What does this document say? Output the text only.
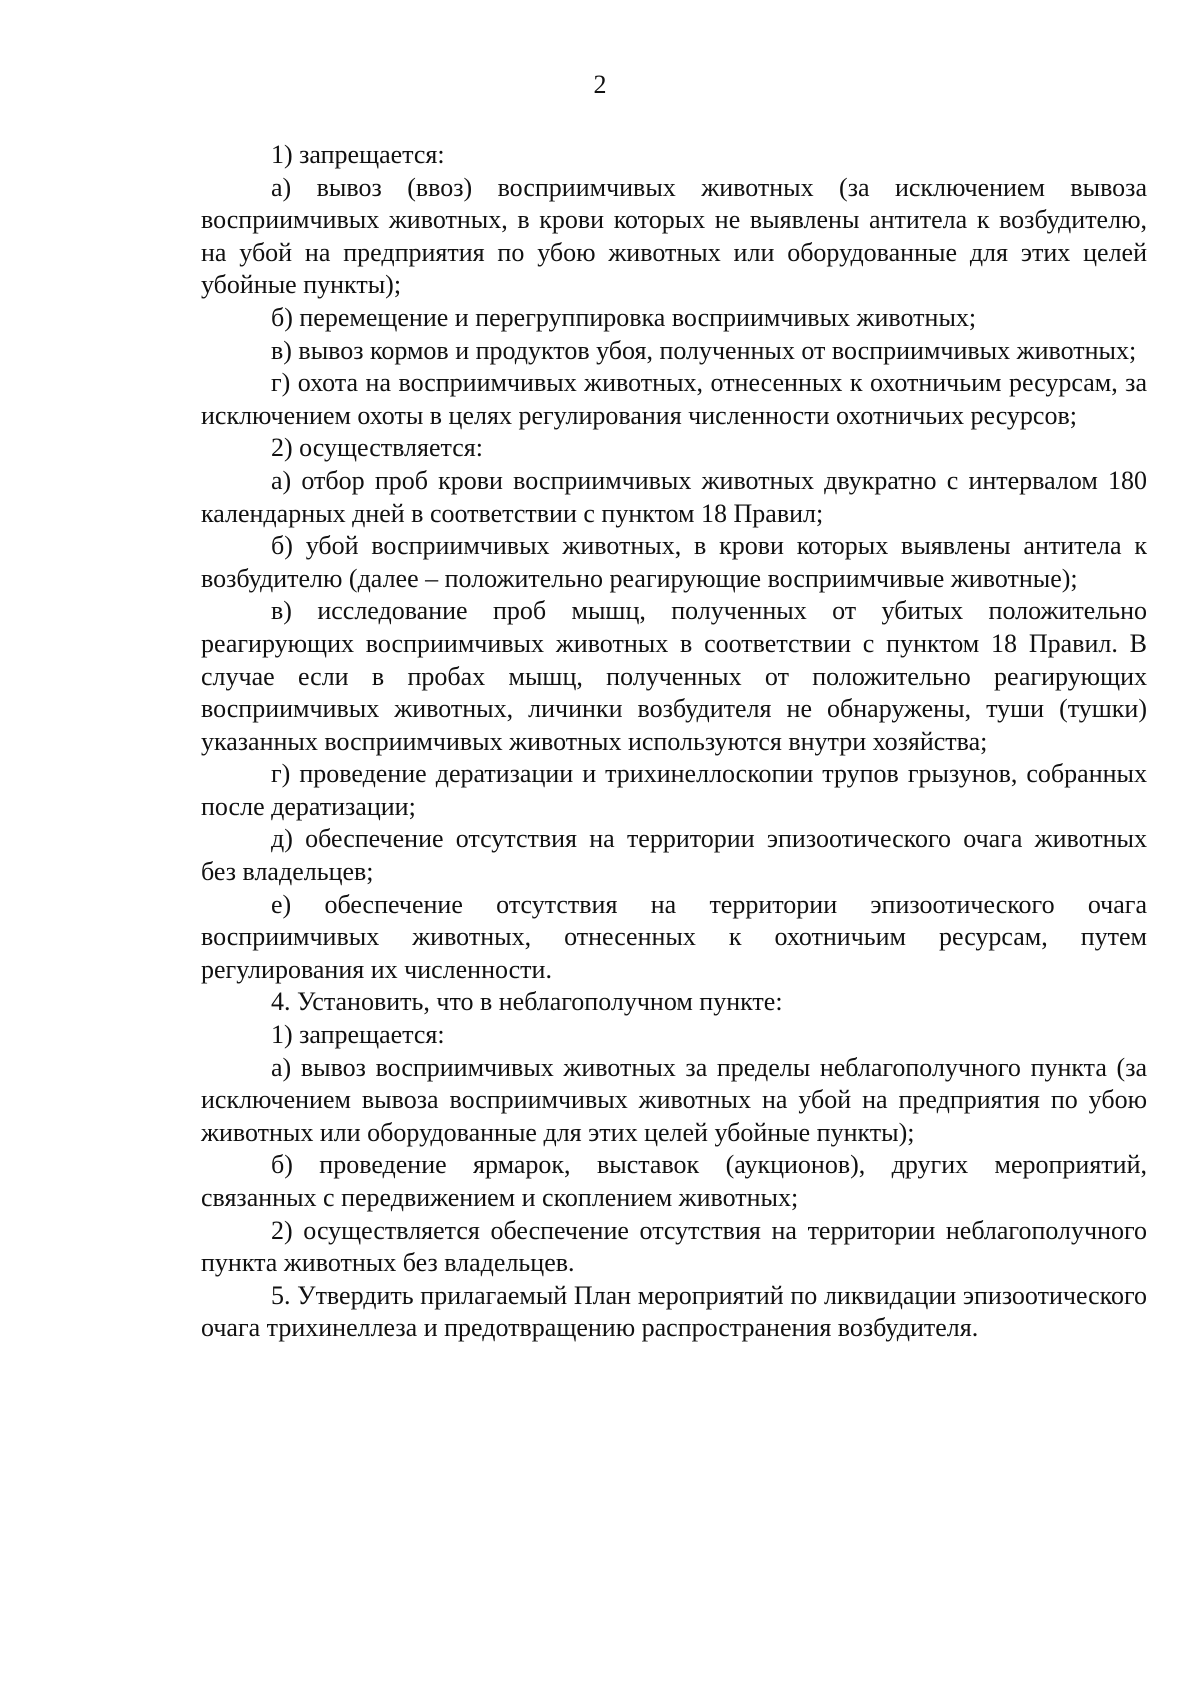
2

1) запрещается:

а) вывоз (ввоз) восприимчивых животных (за исключением вывоза восприимчивых животных, в крови которых не выявлены антитела к возбудителю, на убой на предприятия по убою животных или оборудованные для этих целей убойные пункты);

б) перемещение и перегруппировка восприимчивых животных;

в) вывоз кормов и продуктов убоя, полученных от восприимчивых животных;

г) охота на восприимчивых животных, отнесенных к охотничьим ресурсам, за исключением охоты в целях регулирования численности охотничьих ресурсов;

2) осуществляется:

а) отбор проб крови восприимчивых животных двукратно с интервалом 180 календарных дней в соответствии с пунктом 18 Правил;

б) убой восприимчивых животных, в крови которых выявлены антитела к возбудителю (далее – положительно реагирующие восприимчивые животные);

в) исследование проб мышц, полученных от убитых положительно реагирующих восприимчивых животных в соответствии с пунктом 18 Правил. В случае если в пробах мышц, полученных от положительно реагирующих восприимчивых животных, личинки возбудителя не обнаружены, туши (тушки) указанных восприимчивых животных используются внутри хозяйства;

г) проведение дератизации и трихинеллоскопии трупов грызунов, собранных после дератизации;

д) обеспечение отсутствия на территории эпизоотического очага животных без владельцев;

е) обеспечение отсутствия на территории эпизоотического очага восприимчивых животных, отнесенных к охотничьим ресурсам, путем регулирования их численности.

4. Установить, что в неблагополучном пункте:

1) запрещается:

а) вывоз восприимчивых животных за пределы неблагополучного пункта (за исключением вывоза восприимчивых животных на убой на предприятия по убою животных или оборудованные для этих целей убойные пункты);

б) проведение ярмарок, выставок (аукционов), других мероприятий, связанных с передвижением и скоплением животных;

2) осуществляется обеспечение отсутствия на территории неблагополучного пункта животных без владельцев.

5. Утвердить прилагаемый План мероприятий по ликвидации эпизоотического очага трихинеллеза и предотвращению распространения возбудителя.
